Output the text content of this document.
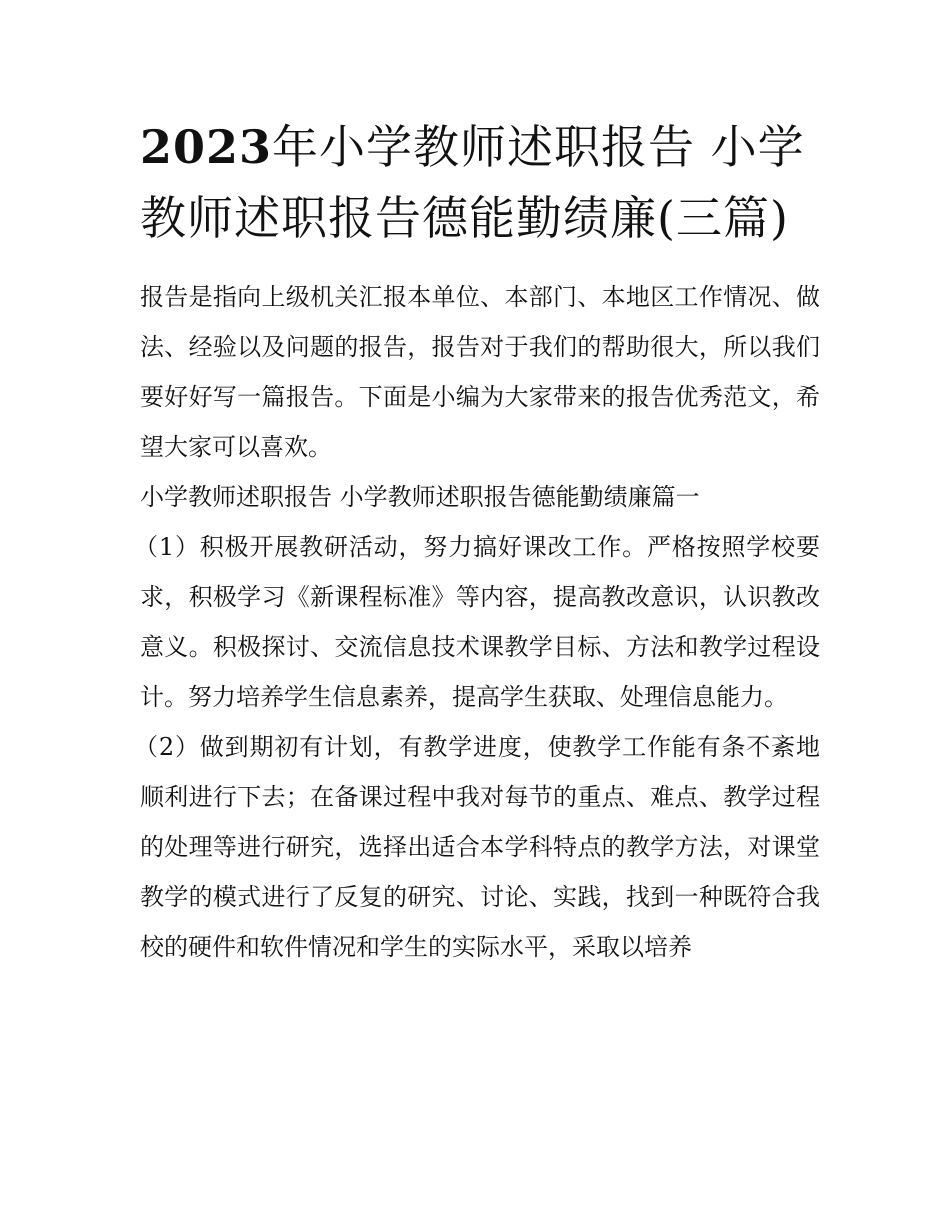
2023年小学教师述职报告 小学教师述职报告德能勤绩廉(三篇)

报告是指向上级机关汇报本单位、本部门、本地区工作情况、做法、经验以及问题的报告，报告对于我们的帮助很大，所以我们要好好写一篇报告。下面是小编为大家带来的报告优秀范文，希望大家可以喜欢。

小学教师述职报告 小学教师述职报告德能勤绩廉篇一

（1）积极开展教研活动，努力搞好课改工作。严格按照学校要求，积极学习《新课程标准》等内容，提高教改意识，认识教改意义。积极探讨、交流信息技术课教学目标、方法和教学过程设计。努力培养学生信息素养，提高学生获取、处理信息能力。

（2）做到期初有计划，有教学进度，使教学工作能有条不紊地顺利进行下去；在备课过程中我对每节的重点、难点、教学过程的处理等进行研究，选择出适合本学科特点的教学方法，对课堂教学的模式进行了反复的研究、讨论、实践，找到一种既符合我校的硬件和软件情况和学生的实际水平，采取以培养
